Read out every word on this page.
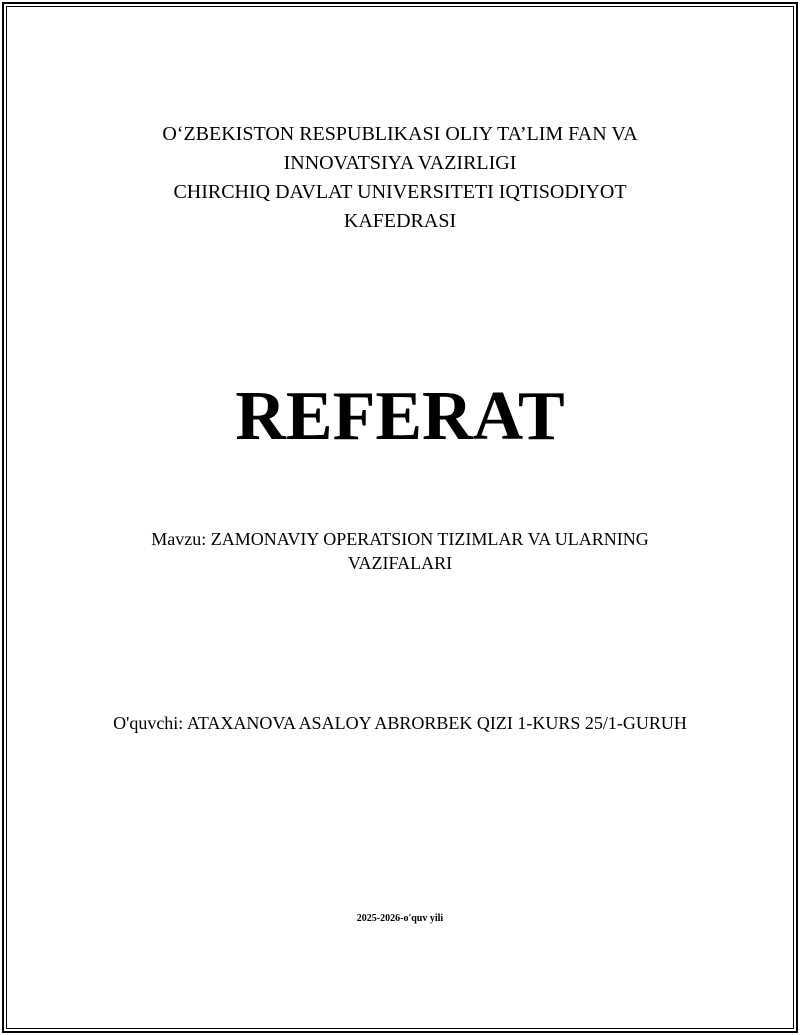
O‘ZBEKISTON RESPUBLIKASI OLIY TA’LIM FAN VA
INNOVATSIYA VAZIRLIGI
CHIRCHIQ DAVLAT UNIVERSITETI IQTISODIYOT
KAFEDRASI
REFERAT
Mavzu: ZAMONAVIY OPERATSION TIZIMLAR VA ULARNING VAZIFALARI
O'quvchi: ATAXANOVA ASALOY ABRORBEK QIZI 1-KURS 25/1-GURUH
2025-2026-o'quv yili
